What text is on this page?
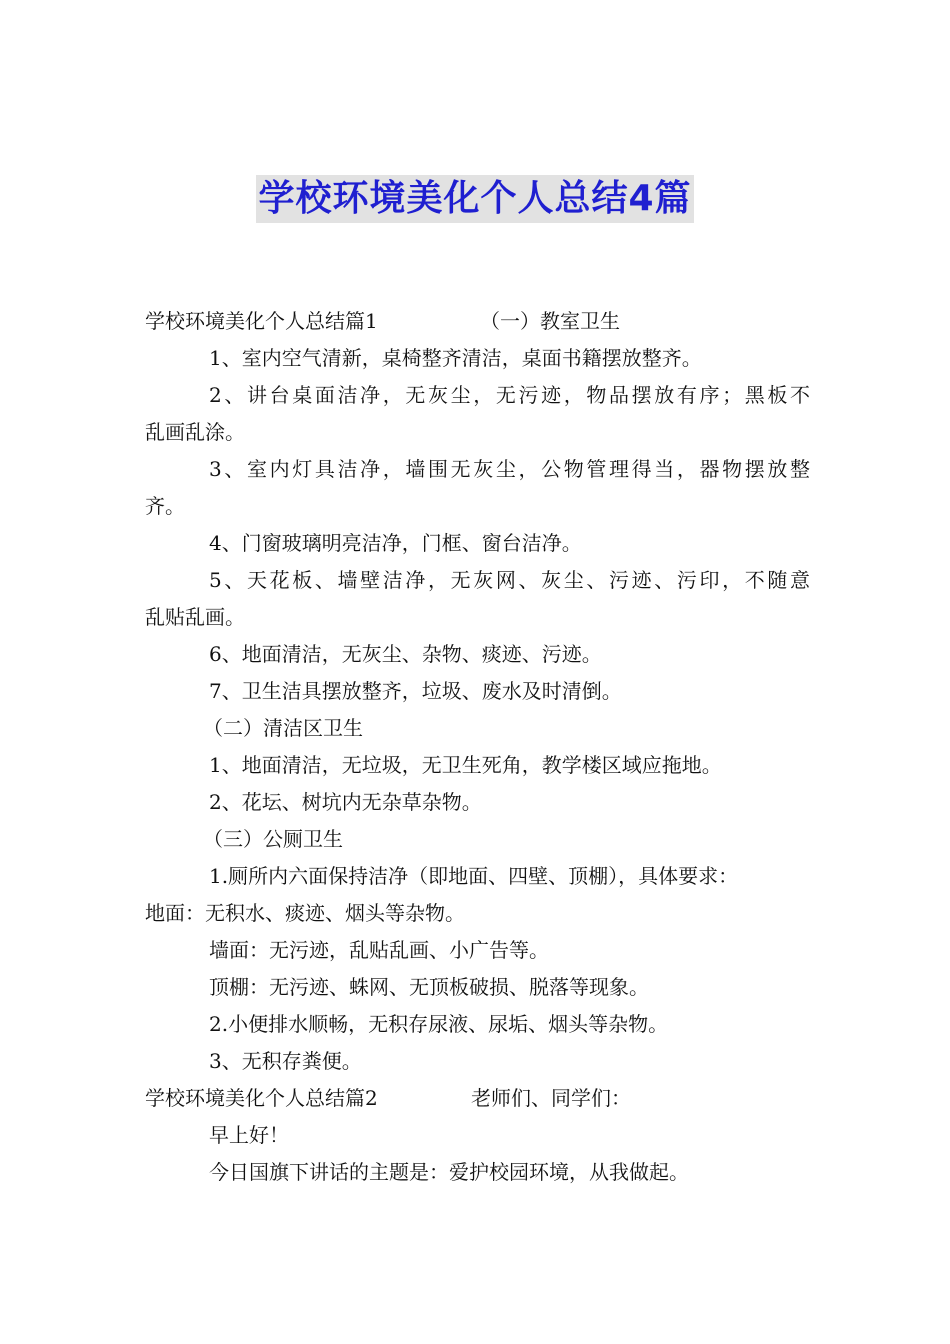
学校环境美化个人总结4篇
学校环境美化个人总结篇1	（一）教室卫生
1、室内空气清新，桌椅整齐清洁，桌面书籍摆放整齐。
2、讲台桌面洁净，无灰尘，无污迹，物品摆放有序；黑板不
乱画乱涂。
3、室内灯具洁净，墙围无灰尘，公物管理得当，器物摆放整
齐。
4、门窗玻璃明亮洁净，门框、窗台洁净。
5、天花板、墙壁洁净，无灰网、灰尘、污迹、污印，不随意
乱贴乱画。
6、地面清洁，无灰尘、杂物、痰迹、污迹。
7、卫生洁具摆放整齐，垃圾、废水及时清倒。
（二）清洁区卫生
1、地面清洁，无垃圾，无卫生死角，教学楼区域应拖地。
2、花坛、树坑内无杂草杂物。
（三）公厕卫生
1.厕所内六面保持洁净（即地面、四壁、顶棚），具体要求：
地面：无积水、痰迹、烟头等杂物。
墙面：无污迹，乱贴乱画、小广告等。
顶棚：无污迹、蛛网、无顶板破损、脱落等现象。
2.小便排水顺畅，无积存尿液、尿垢、烟头等杂物。
3、无积存粪便。
学校环境美化个人总结篇2	老师们、同学们：
早上好！
今日国旗下讲话的主题是：爱护校园环境，从我做起。
